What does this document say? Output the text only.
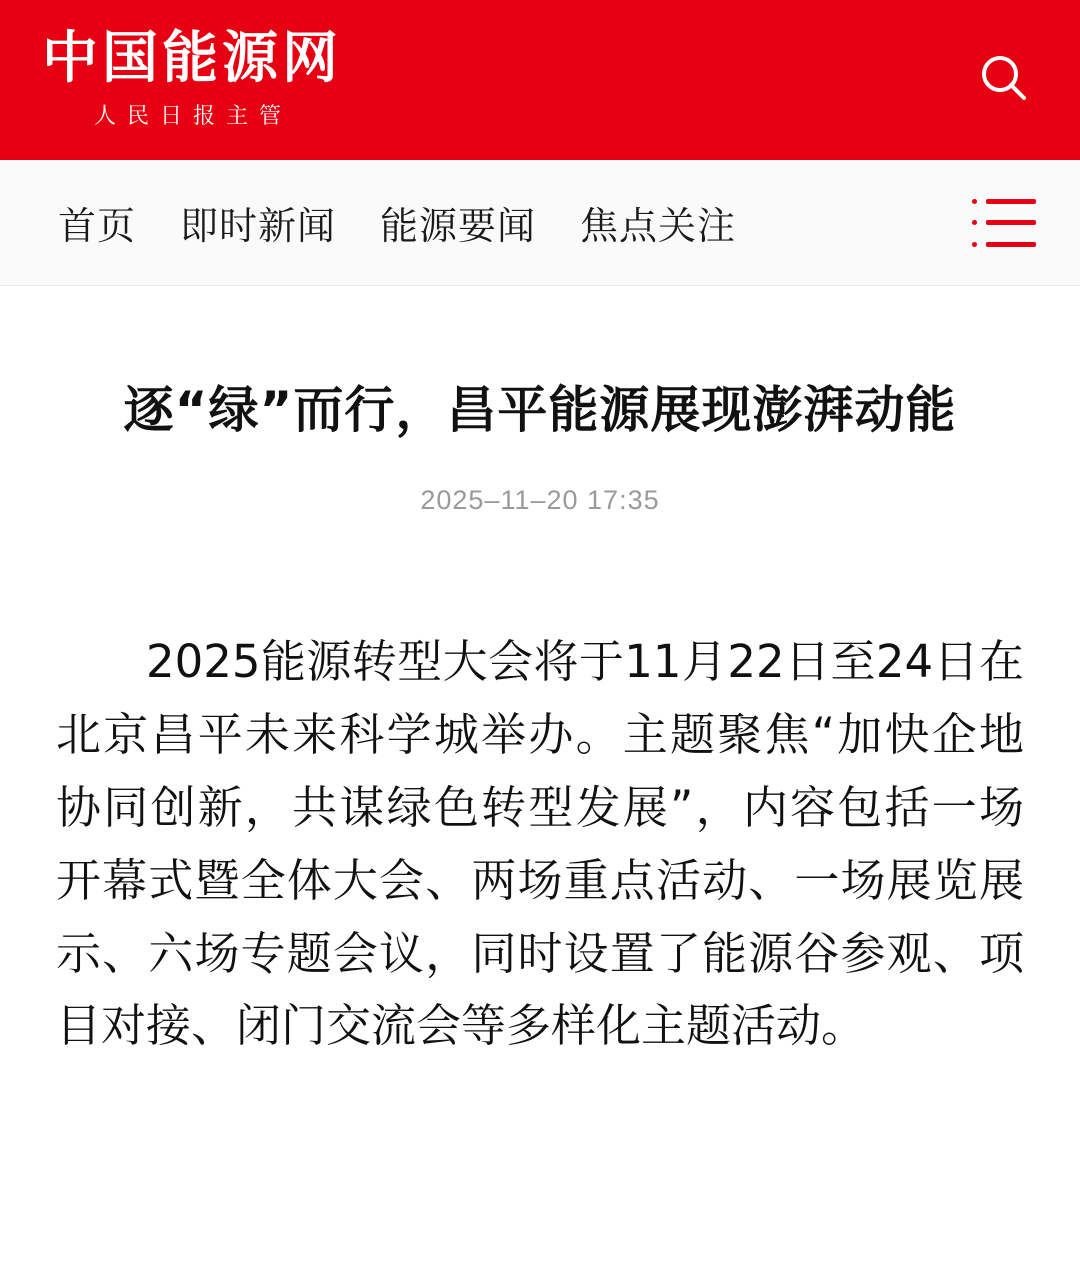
中国能源网
人民日报主管
首页 即时新闻 能源要闻 焦点关注
逐“绿”而行，昌平能源展现澎湃动能
2025–11–20 17:35

2025能源转型大会将于11月22日至24日在北京昌平未来科学城举办。主题聚焦“加快企地协同创新，共谋绿色转型发展”，内容包括一场开幕式暨全体大会、两场重点活动、一场展览展示、六场专题会议，同时设置了能源谷参观、项目对接、闭门交流会等多样化主题活动。
